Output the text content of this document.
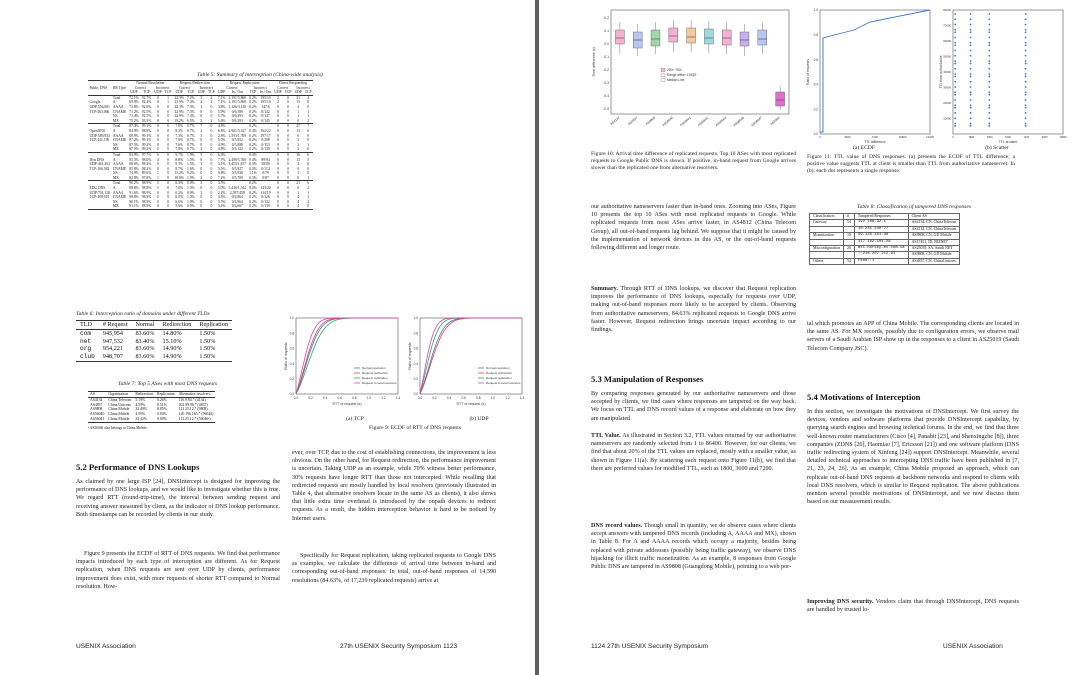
Table 5: Summary of interception (China-wide analysis)
Public DNS	RR Type	Normal Resolution				Request Redirection				Request Replication				Direct Responding			
		Correct		Incorrect		Correct		Incorrect		Correct		Incorrect		Correct		Incorrect	
		UDP	TCP	UDP	TCP	UDP	TCP	UDP	TCP	UDP	In / Out	TCP	In / Out	UDP	TCP	UDP	TCP
	Total	72.1%	92.7%	0	1	22.3%	7.2%	3	2	7.1%	2,191/5,860	0.2%	195/10	2	0	21	4
Google	A	69.0%	92.4%	0	1	23.9%	7.4%	2	2	7.1%	2,191/5,860	0.2%	195/10	2	0	15	0
UDP:556,081	AAAA	73.8%	92.6%	0	0	22.3%	7.3%	1	0	3.8%	1,126/3,130	0.2%	147/6	0	0	4	0
TCP:463,066	CNAME	71.2%	92.5%	0	0	22.9%	7.3%	0	0	5.9%	0/6,589	0.2%	0/142	0	0	1	1
	NS	71.4%	92.5%	0	0	22.9%	7.3%	0	0	5.7%	0/6,393	0.2%	0/147	0	0	1	1
	MX	75.2%	93.3%	0	0	19.2%	6.5%	2	2	5.6%	0/6,393	0.2%	0/145	0	0	0	2
	Total	87.4%	99.1%	0	0	7.8%	0.7%	7	0	4.8%		0.2%		0	0	27	7
OpenDNS	A	84.9%	98.9%	0	0	8.3%	0.7%	2	0	6.8%	2,901/5,327	0.4%	362/22	0	0	13	6
UDP:589,933	AAAA	89.9%	99.1%	0	0	7.3%	0.7%	3	0	2.8%	1,593/1,709	0.2%	197/17	0	0	6	0
TCP:441,199	CNAME	87.2%	99.1%	0	0	7.8%	0.7%	0	0	5.0%	0/5,952	0.2%	0/208	0	0	3	0
	NS	87.5%	99.2%	0	0	7.6%	0.7%	0	0	4.9%	0/5,888	0.2%	0/153	0	0	2	1
	MX	87.5%	99.2%	0	0	7.8%	0.7%	2	0	4.8%	0/5,122	0.2%	0/139	0	0	3	0
	Total	83.9%	97.7%	6	0	9.7%	1.9%	5	0	6.3%		0.4%		0	0	16	6
Dyn DNS	A	83.5%	98.0%	4	0	8.8%	1.5%	0	0	7.7%	2,499/5,760	0.4%	89/94	0	0	13	5
UDP:461,263	AAAA	88.6%	98.2%	0	0	8.3%	1.5%	3	0	3.1%	1,455/1,817	0.3%	38/80	0	0	2	0
TCP:166,582	CNAME	85.8%	98.2%	0	0	8.7%	1.6%	0	0	5.5%	0/5,927	0.3%	0/114	0	0	0	0
	NS	74.9%	89.6%	1	0	15.2%	9.2%	0	0	9.8%	0/5,930	1.1%	0/79	0	0	1	0
	MX	82.8%	97.8%	1	0	10.0%	1.9%	2	0	7.2%	0/5,709	0.3%	0/87	0	0	0	1
	Total	90.2%	98.9%	5	0	6.3%	0.9%	3	0	3.5%		0.2%		0	0	21	6
EDU DNS	A	88.0%	98.8%	5	0	7.0%	1.0%	0	0	5.0%	5,430/1,542	0.2%	143/20	0	0	8	2
UDP:701,128	AAAA	91.6%	98.9%	0	0	6.2%	0.9%	3	0	2.2%	2,597/459	0.2%	114/19	0	0	1	1
TCP:409,019	CNAME	90.0%	98.9%	0	0	6.5%	1.0%	0	0	3.5%	0/4,864	0.2%	0/126	0	0	4	1
	NS	90.1%	98.9%	0	0	6.6%	1.0%	0	0	3.5%	0/4,864	0.2%	0/132	0	0	4	2
	MX	91.1%	98.9%	0	0	5.6%	0.9%	0	0	3.4%	0/4,667	0.2%	0/139	0	0	4	0
Table 6: Interception ratio of domains under different TLDs
TLD	# Request	Normal	Redirection	Replication
com	945,954	83.60%	14.80%	1.50%
net	947,532	83.40%	15.10%	1.50%
org	954,221	83.60%	14.90%	1.50%
club	948,707	83.60%	14.90%	1.50%
Table 7: Top 5 ASes with most DNS requests
AS	Organization	Redirection	Replication	Alternative resolvers
AS4134	China Telecom	5.19%	0.26%	116.9.94.* (4134)
AS4837	China Unicom	4.59%	0.51%	202.99.96.* (4837)
AS9808	China Mobile	32.49%	8.85%	112.25.12.* (9808)
AS56040	China Mobile	4.59%	0.04%	120.196.165.* (56040)
AS56041	China Mobile	23.42%	0.09%	112.25.12.* (56046¹)
¹ AS56046 also belongs to China Mobile.
0.0
0.2
0.4
0.6
0.8
1.0
0.0	0.2	0.4	0.6	0.8	1.0	1.2	1.4
RTT of request (s)
Ratio of requests	Normal resolution
Request redirection
Request replication
Request to local resolvers
0.0
0.2
0.4
0.6
0.8
1.0
0.0	0.2	0.4	0.6	0.8	1.0	1.2	1.4
RTT of request (s)
Ratio of requests	Normal resolution
Request redirection
Request replication
Request to local resolvers
(a) TCP	(b) UDP
Figure 9: ECDF of RTT of DNS requests
5.2 Performance of DNS Lookups
As claimed by one large ISP [24], DNSIntercept is designed for improving the performance of DNS lookups, and we would like to investigate whether this is true. We regard RTT (round-trip-time), the interval between sending request and receiving answer measured by client, as the indicator of DNS lookup performance. Both timestamps can be recorded by clients in our study.
Figure 9 presents the ECDF of RTT of DNS requests. We find that performance impacts introduced by each type of interception are different. As for Request replication, when DNS requests are sent over UDP by clients, performance improvement does exist, with more requests of shorter RTT compared to Normal resolution. How-
ever, over TCP, due to the cost of establishing connections, the improvement is less obvious. On the other hand, for Request redirection, the performance improvement is uncertain. Taking UDP as an example, while 70% witness better performance, 30% requests have longer RTT than those not intercepted. While recalling that redirected requests are mostly handled by local resolvers (previously illustrated in Table 4, that alternative resolvers locate in the same AS as clients), it also shows that little extra time overhead is introduced by the onpath devices to redirect requests. As a result, the hidden interception behavior is hard to be noticed by Internet users.
Specifically for Request replication, taking replicated requests to Google DNS as examples, we calculate the difference of arrival time between in-band and corresponding out-of-band responses. In total, out-of-band responses of 14,590 resolutions (84.63%, of 17,239 replicated requests) arrive at
USENIX Association	27th USENIX Security Symposium 1123
0.2
0.1
0.0
-0.1
-0.2
-0.3
-0.4
-0.5
Time difference (s)
AS4134 AS4837 AS9808 AS56040 AS56041 AS56042 AS56044 AS56046 AS56047 AS9394
25%~75%
Range within 1.5IQR
Median Line
Figure 10: Arrival time difference of replicated requests. Top 10 ASes with most replicated requests to Google Public DNS is shown. If positive, in-band request from Google arrives slower than the replicated one from alternative resolvers.
TTL difference
Ratio of requests
0.0
0.2
0.4
0.6
0.8
1.0
0	3600	7200	10800	14400
TTL at client
TTL from authoritative
10000
20000
30000
40000
50000
60000
70000
80000
0	1800	3600	5400	7200	9000	10800
(a) ECDF	(b) Scatter
Figure 11: TTL value of DNS responses. (a) presents the ECDF of TTL difference; a positive value suggests TTL at client is smaller than TTL from authoritative nameserver. In (b), each dot represents a single response.
our authoritative nameservers faster than in-band ones. Zooming into ASes, Figure 10 presents the top 10 ASes with most replicated requests to Google. While replicated requests from most ASes arrive faster, in AS4812 (China Telecom Group), all out-of-band requests lag behind. We suppose that it might be caused by the implementation of network devices in this AS, or the out-of-band requests following different and longer route.
Summary. Through RTT of DNS lookups, we discover that Request replication improves the performance of DNS lookups, especially for requests over UDP, making out-of-band responses more likely to be accepted by clients. Observing from authoritative nameservers, 84.63% replicated requests to Google DNS arrive faster. However, Request redirection brings uncertain impact according to our findings.
5.3 Manipulation of Responses
By comparing responses generated by our authoritative nameservers and those accepted by clients, we find cases where responses are tampered on the way back. We focus on TTL and DNS record values of a response and elaborate on how they are manipulated.
TTL Value. As illustrated in Section 3.2, TTL values returned by our authoritative nameservers are randomly selected from 1 to 86400. However, for our clients, we find that about 20% of the TTL values are replaced, mostly with a smaller value, as shown in Figure 11(a). By scattering each request onto Figure 11(b), we find that there are preferred values for modified TTL, such as 1800, 3600 and 7200.
DNS record values. Though small in quantity, we do observe cases where clients accept answers with tampered DNS records (including A, AAAA and MX), shown in Table 8. For A and AAAA records which occupy a majority, besides being replaced with private addresses (possibly being traffic gateway), we observe DNS hijacking for illicit traffic monetization. As an example, 8 responses from Google Public DNS are tampered in AS9808 (Guangdong Mobile), pointing to a web por-
Table 8: Classification of tampered DNS responses
Classification	#	Tampered Responses	Client AS
Gateway	54	192.168.32.1	AS4134, CN, ChinaTelecom
		10.231.240.77	AS4134, CN, ChinaTelecom
Monetization	10	39.130.151.30	AS9808, CN, GD Mobile
		117.102.104.28	AS17451, ID, BIZNET
Misconfiguration	26	mx1.norsky.mx.com.sa	AS25019, SA, Saudi NET
		::218.207.212.91	AS9808, CN, GD Mobile
Others	54	fe80::1	AS4837, CN, ChinaUnicom
tal which promotes an APP of China Mobile. The corresponding clients are located in the same AS. For MX records, possibly due to configuration errors, we observe mail servers of a Saudi Arabian ISP show up in the responses to a client in AS25019 (Saudi Telecom Company JSC).
5.4 Motivations of Interception
In this section, we investigate the motivations of DNSIntercept. We first survey the devices, vendors and software platforms that provide DNSIntercept capability, by querying search engines and browsing technical forums. In the end, we find that three well-known router manufacturers (Cisco [4], Panabit [23], and Shenxingzhe [8]), three companies (ZDNS [26], Haomiao [7], Ericsson [21]) and one software platform (DNS traffic redirecting system of Xinfeng [24]) support DNSIntercept. Meanwhile, several detailed technical approaches to intercepting DNS traffic have been published in [7, 21, 23, 24, 26]. As an example, China Mobile proposed an approach, which can replicate out-of-band DNS requests at backbone networks and respond to clients with local DNS resolvers, which is similar to Request replication. The above publications mention several possible motivations of DNSIntercept, and we now discuss them based on our measurement results.
Improving DNS security. Vendors claim that through DNSIntercept, DNS requests are handled by trusted lo-
1124 27th USENIX Security Symposium	USENIX Association
